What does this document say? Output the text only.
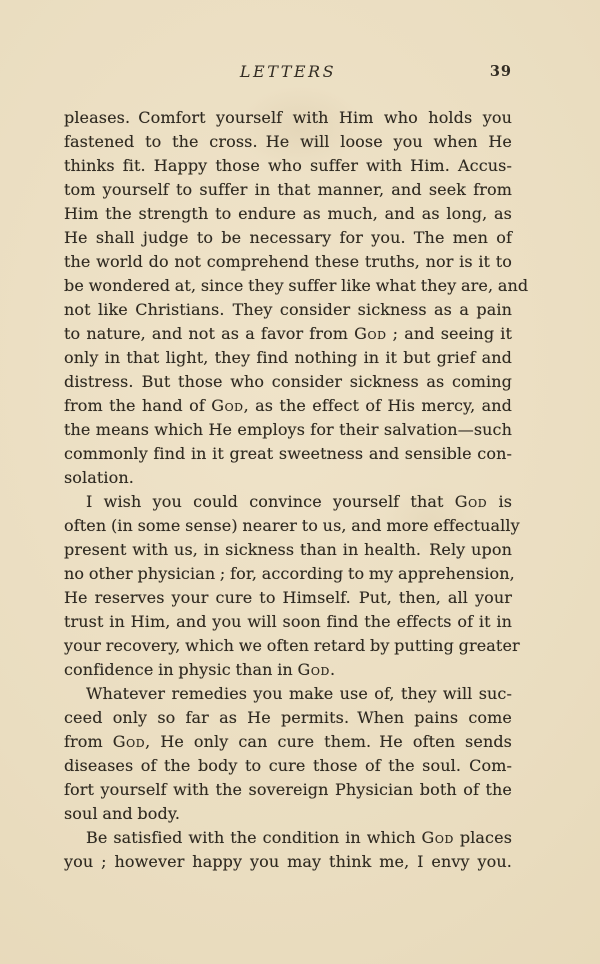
LETTERS	39
pleases. Comfort yourself with Him who holds you
fastened to the cross. He will loose you when He
thinks fit. Happy those who suffer with Him. Accus-
tom yourself to suffer in that manner, and seek from
Him the strength to endure as much, and as long, as
He shall judge to be necessary for you. The men of
the world do not comprehend these truths, nor is it to
be wondered at, since they suffer like what they are, and
not like Christians. They consider sickness as a pain
to nature, and not as a favor from God ; and seeing it
only in that light, they find nothing in it but grief and
distress. But those who consider sickness as coming
from the hand of God, as the effect of His mercy, and
the means which He employs for their salvation—such
commonly find in it great sweetness and sensible con-
solation.
I wish you could convince yourself that God is
often (in some sense) nearer to us, and more effectually
present with us, in sickness than in health. Rely upon
no other physician ; for, according to my apprehension,
He reserves your cure to Himself. Put, then, all your
trust in Him, and you will soon find the effects of it in
your recovery, which we often retard by putting greater
confidence in physic than in God.
Whatever remedies you make use of, they will suc-
ceed only so far as He permits. When pains come
from God, He only can cure them. He often sends
diseases of the body to cure those of the soul. Com-
fort yourself with the sovereign Physician both of the
soul and body.
Be satisfied with the condition in which God places
you ; however happy you may think me, I envy you.
